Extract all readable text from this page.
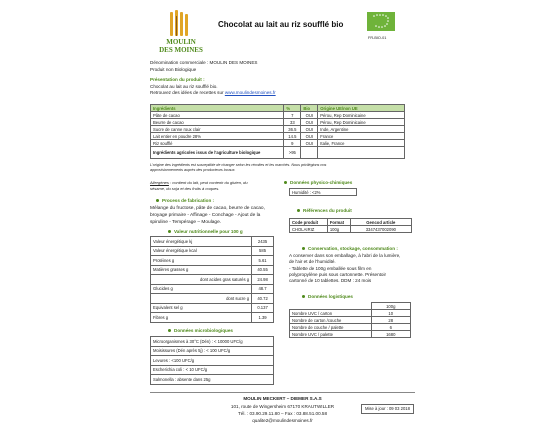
MOULIN
DES MOINES
Chocolat au lait au riz soufflé bio
FR-BIO-01
Dénomination commerciale : MOULIN DES MOINES
Produit non Biologique
Présentation du produit :
Chocolat au lait au riz soufflé bio.
Retrouvez des idées de recettes sur www.moulindesmoines.fr
Ingrédients	%	Bio	Origine UE/non UE
Pâte de cacao	7	OUI	Pérou, Rep Dominicaine
Beurre de cacao	33	OUI	Pérou, Rep Dominicaine
Sucre de canne roux clair	36.5	OUI	Inde, Argentine
Lait entier en poudre 28%	14.5	OUI	France
Riz soufflé	9	OUI	Italie, France
Ingrédients agricoles issus de l'agriculture biologique	>95		
L'origine des ingrédients est susceptible de changer selon les récoltes et les marchés. Nous privilégions nos
approvisionnements auprès des producteurs locaux.
Allergènes : contient du lait, peut contenir du gluten, du
sésame, du soja et des fruits à coques.
Données physico-chimiques
Humidité : <2%
Process de fabrication :
Mélange du fructose, pâte de cacao, beurre de cacao,
broyage primaire - Affinage - Conchage - Ajout de la
spiruline - Tempérage – Moulage.
Références du produit
Code produit	Format	Gencod article
CHOLAIRIZ	100g	3347437002090
Valeur nutritionnelle pour 100 g
Valeur énergétique kj	2435
Valeur énergétique kcal	585
Protéines g	5.61
Matières grasses g	40.55
dont acides gras saturés g	24.98
Glucides g	48.7
dont sucre g	40.72
Equivalent sel g	0.137
Fibres g	1.39
Conservation, stockage, consommation :
A conserver dans son emballage, à l'abri de la lumière,
de l'air et de l'humidité.
- Tablette de 100g emballée sous film en
polypropylène puis sous cartonnette. Présentoir
cartonné de 10 tablettes. DDM : 24 mois
Données logistiques
	100g
Nombre UVC / carton	10
Nombre de carton /couche	28
Nombre de couche / palette	6
Nombre UVC / palette	1680
Données microbiologiques
Microorganismes à 30°C (Dén) : < 10000 UFC/g
Moisissures (Dén après 5j) : < 100 UFC/g
Levures : <100 UFC/g
Escherichia coli : < 10 UFC/g
Salmonella : absente dans 25g
MOULIN MECKERT – DIEMER S.A.S
101, route de Wingersheim 67170 KRAUTWILLER
Tél. : 03.90.29.11.80 – Fax : 03.88.51.00.58
qualite2@moulindesmoines.fr
Mise à jour : 09 03 2018
